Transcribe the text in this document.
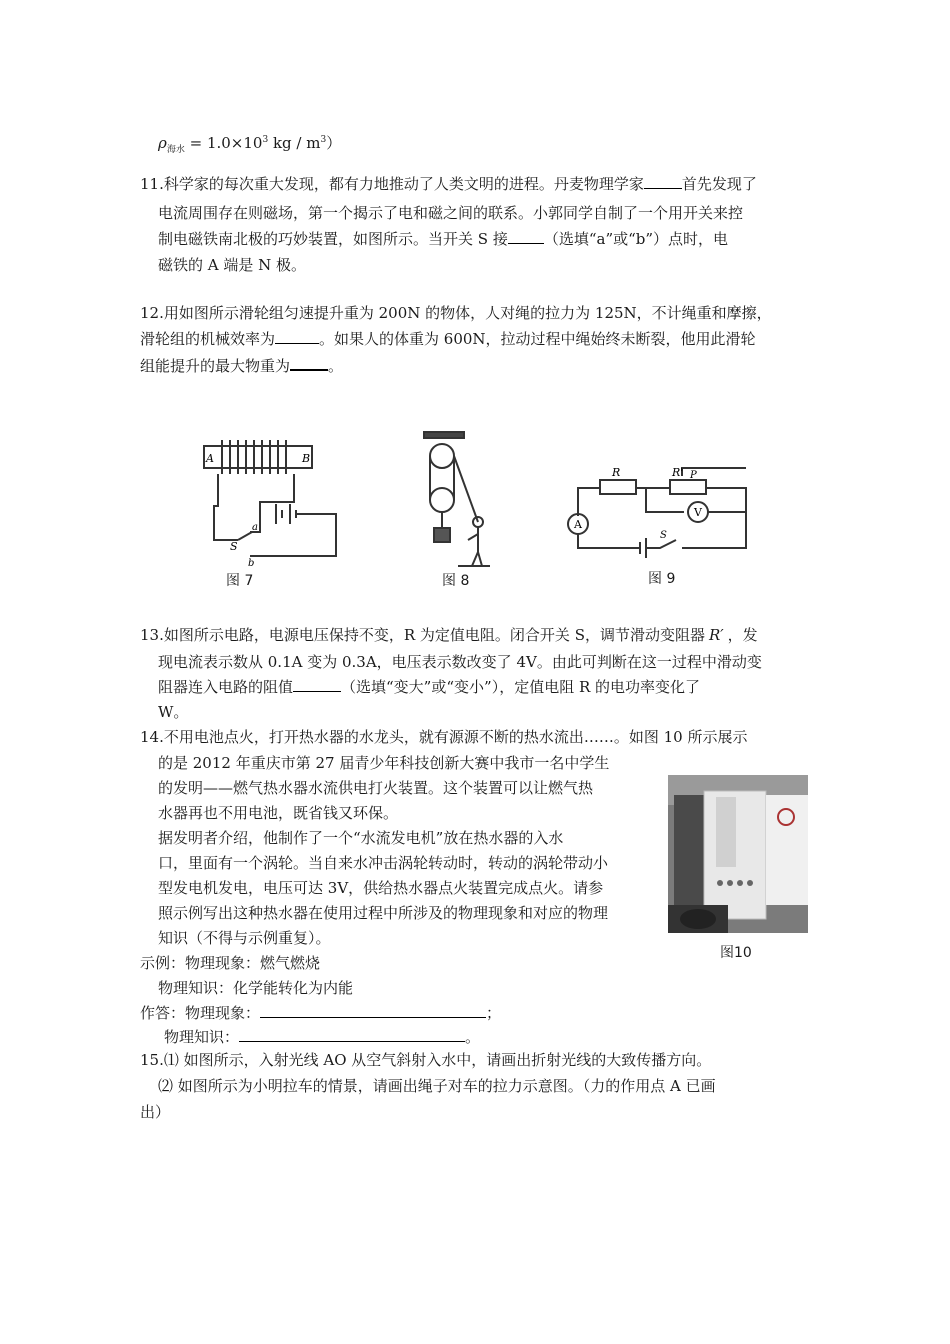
$\rho_{海水} = 1.0\times 10^3$ kg / $m^3$）
11.科学家的每次重大发现，都有力地推动了人类文明的进程。丹麦物理学家	首先发现了
电流周围存在则磁场，第一个揭示了电和磁之间的联系。小郭同学自制了一个用开关来控
制电磁铁南北极的巧妙装置，如图所示。当开关 S 接 （选填“a”或“b”）点时，电
磁铁的 A 端是 N 极。
12.用如图所示滑轮组匀速提升重为 200N 的物体，人对绳的拉力为 125N，不计绳重和摩擦，
滑轮组的机械效率为	。如果人的体重为 600N，拉动过程中绳始终未断裂，他用此滑轮
组能提升的最大物重为	。
A	B
S
a
b
图 7	图 8
R	R' P
A
V
S
图 9
13.如图所示电路，电源电压保持不变，R 为定值电阻。闭合开关 S，调节滑动变阻器 R′ ，发
现电流表示数从 0.1A 变为 0.3A，电压表示数改变了 4V。由此可判断在这一过程中滑动变
阻器连入电路的阻值	（选填“变大”或“变小”），定值电阻 R 的电功率变化了
W。
14.不用电池点火，打开热水器的水龙头，就有源源不断的热水流出……。如图 10 所示展示
的是 2012 年重庆市第 27 届青少年科技创新大赛中我市一名中学生
的发明——燃气热水器水流供电打火装置。这个装置可以让燃气热
水器再也不用电池，既省钱又环保。
据发明者介绍，他制作了一个“水流发电机”放在热水器的入水
口，里面有一个涡轮。当自来水冲击涡轮转动时，转动的涡轮带动小
型发电机发电，电压可达 3V，供给热水器点火装置完成点火。请参
照示例写出这种热水器在使用过程中所涉及的物理现象和对应的物理
知识（不得与示例重复）。
示例：物理现象：燃气燃烧
物理知识：化学能转化为内能
作答：物理现象：	；
物理知识：	。
图10
15.⑴ 如图所示，入射光线 AO 从空气斜射入水中，请画出折射光线的大致传播方向。
⑵ 如图所示为小明拉车的情景，请画出绳子对车的拉力示意图。（力的作用点 A 已画
出）
